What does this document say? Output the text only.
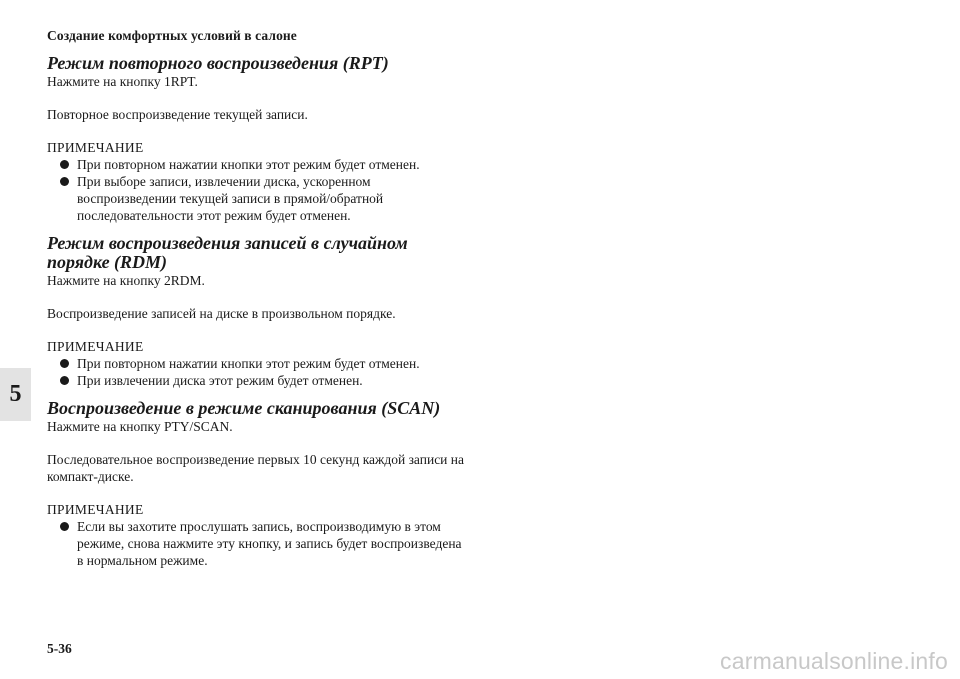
Создание комфортных условий в салоне
5
Режим повторного воспроизведения (RPT)

Нажмите на кнопку 1RPT.

Повторное воспроизведение текущей записи.

ПРИМЕЧАНИЕ

При повторном нажатии кнопки этот режим будет отменен.
При выборе записи, извлечении диска, ускоренном воспроизведении текущей записи в прямой/обратной последовательности этот режим будет отменен.
Режим воспроизведения записей в случайном порядке (RDM)

Нажмите на кнопку 2RDM.

Воспроизведение записей на диске в произвольном порядке.

ПРИМЕЧАНИЕ

При повторном нажатии кнопки этот режим будет отменен.
При извлечении диска этот режим будет отменен.
Воспроизведение в режиме сканирования (SCAN)

Нажмите на кнопку PTY/SCAN.

Последовательное воспроизведение первых 10 секунд каждой записи на компакт-диске.

ПРИМЕЧАНИЕ

Если вы захотите прослушать запись, воспроизводимую в этом режиме, снова нажмите эту кнопку, и запись будет воспроизведена в нормальном режиме.
5-36	carmanualsonline.info
